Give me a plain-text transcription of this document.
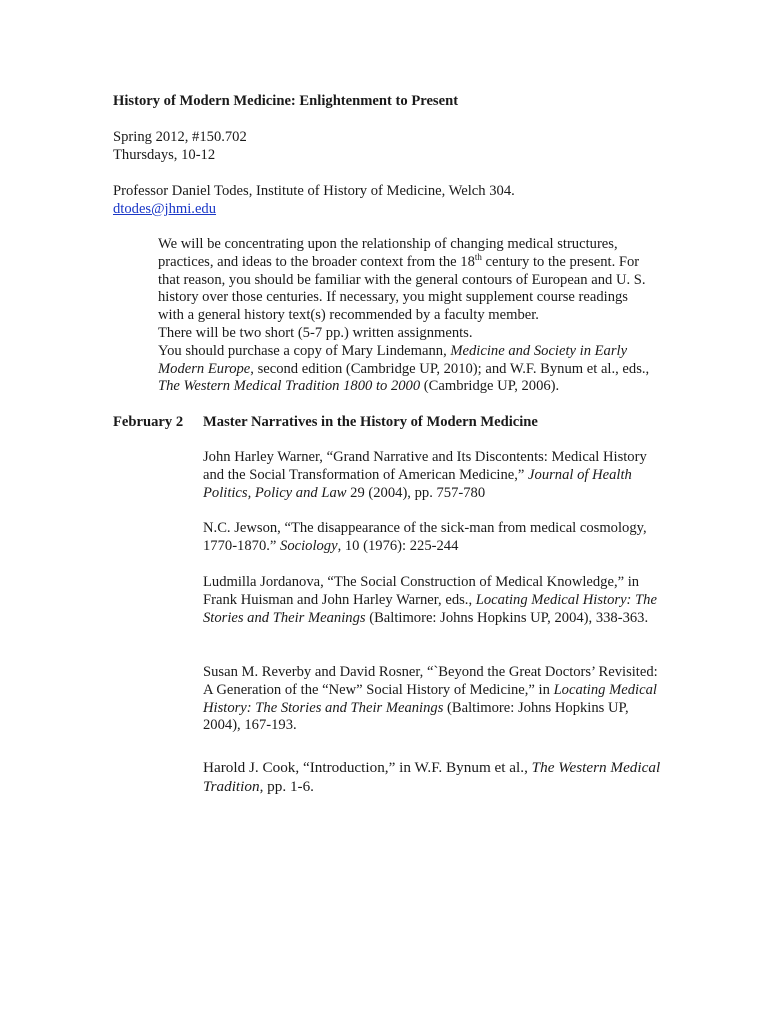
History of Modern Medicine: Enlightenment to Present
Spring 2012, #150.702
Thursdays, 10-12
Professor Daniel Todes, Institute of History of Medicine, Welch 304.
dtodes@jhmi.edu

We will be concentrating upon the relationship of changing medical structures, practices, and ideas to the broader context from the 18th century to the present. For that reason, you should be familiar with the general contours of European and U. S. history over those centuries. If necessary, you might supplement course readings with a general history text(s) recommended by a faculty member.

There will be two short (5-7 pp.) written assignments.

You should purchase a copy of Mary Lindemann, Medicine and Society in Early Modern Europe, second edition (Cambridge UP, 2010); and W.F. Bynum et al., eds., The Western Medical Tradition 1800 to 2000 (Cambridge UP, 2006).

February 2 Master Narratives in the History of Modern Medicine

John Harley Warner, “Grand Narrative and Its Discontents: Medical History and the Social Transformation of American Medicine,” Journal of Health Politics, Policy and Law 29 (2004), pp. 757-780

N.C. Jewson, “The disappearance of the sick-man from medical cosmology, 1770-1870.” Sociology, 10 (1976): 225-244

Ludmilla Jordanova, “The Social Construction of Medical Knowledge,” in Frank Huisman and John Harley Warner, eds., Locating Medical History: The Stories and Their Meanings (Baltimore: Johns Hopkins UP, 2004), 338-363.

Susan M. Reverby and David Rosner, “`Beyond the Great Doctors’ Revisited: A Generation of the “New” Social History of Medicine,” in Locating Medical History: The Stories and Their Meanings (Baltimore: Johns Hopkins UP, 2004), 167-193.

Harold J. Cook, “Introduction,” in W.F. Bynum et al., The Western Medical Tradition, pp. 1-6.
